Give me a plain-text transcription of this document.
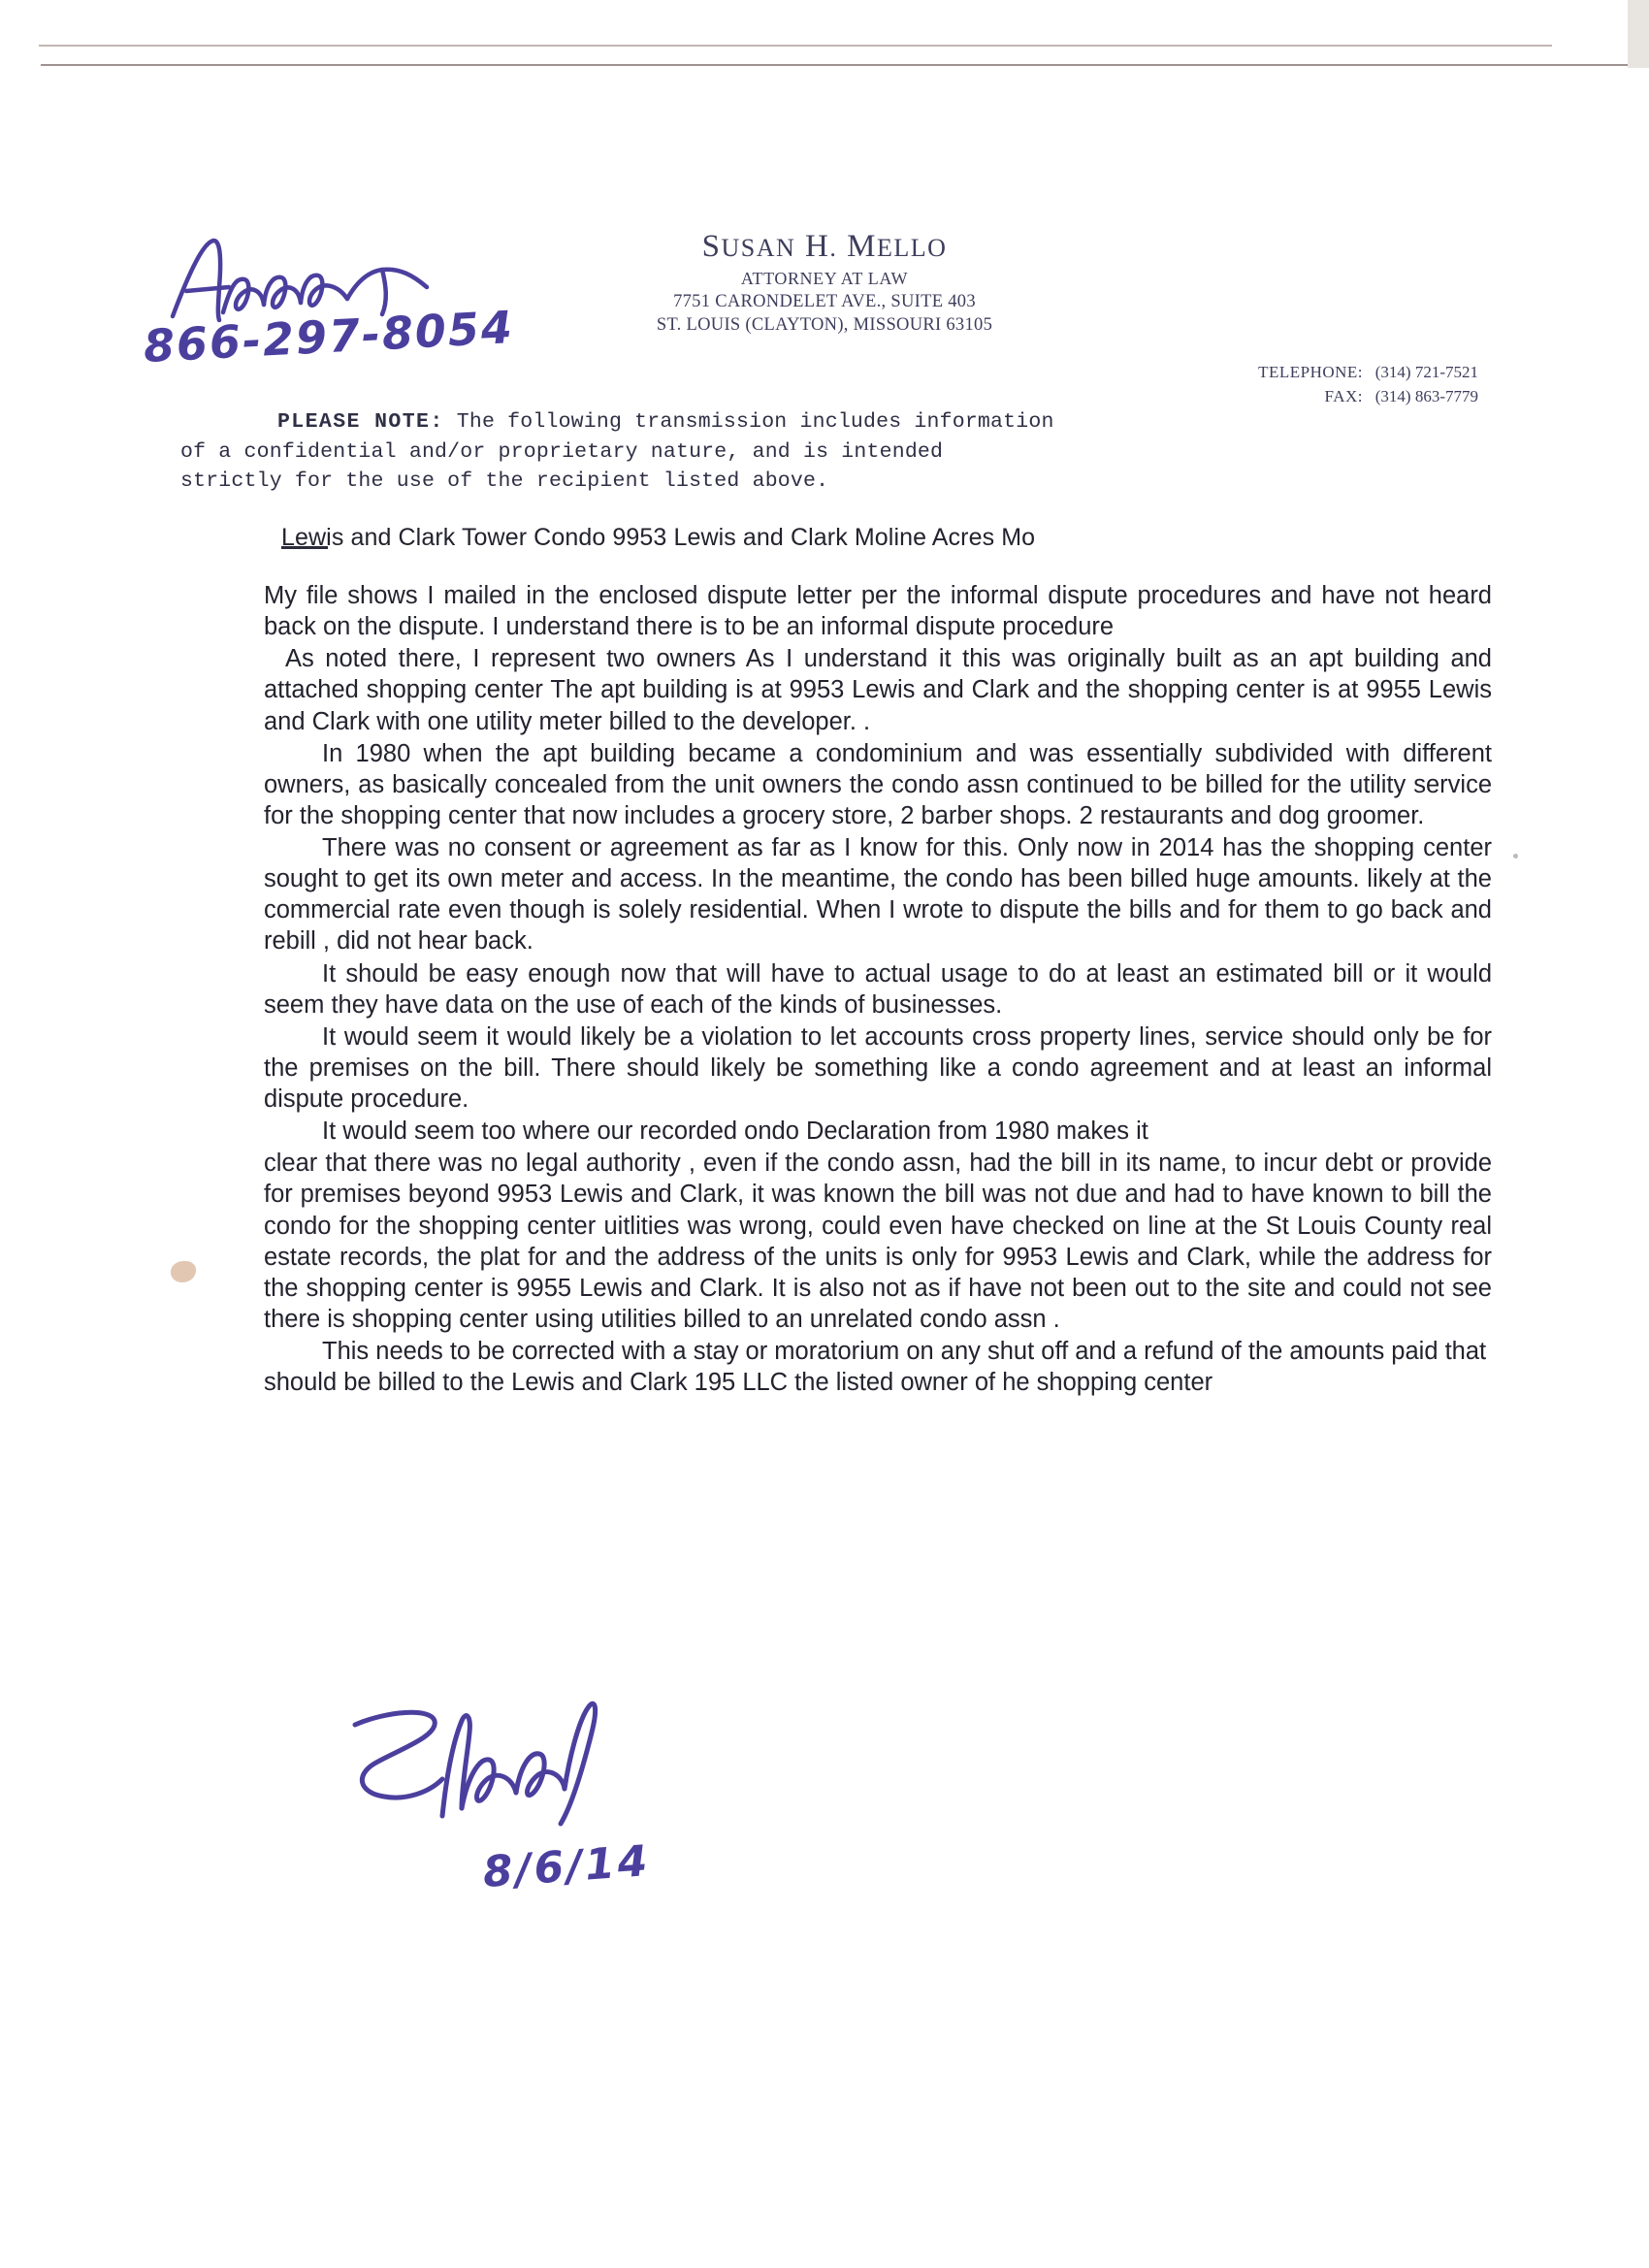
SUSAN H. MELLO
ATTORNEY AT LAW
7751 CARONDELET AVE., SUITE 403
ST. LOUIS (CLAYTON), MISSOURI 63105
TELEPHONE: (314) 721-7521
FAX: (314) 863-7779
PLEASE NOTE: The following transmission includes information
of a confidential and/or proprietary nature, and is intended
strictly for the use of the recipient listed above.
Lewis and Clark Tower Condo 9953 Lewis and Clark Moline Acres Mo

My file shows I mailed in the enclosed dispute letter per the informal dispute procedures and have not heard back on the dispute. I understand there is to be an informal dispute procedure

As noted there, I represent two owners As I understand it this was originally built as an apt building and attached shopping center The apt building is at 9953 Lewis and Clark and the shopping center is at 9955 Lewis and Clark with one utility meter billed to the developer. .

In 1980 when the apt building became a condominium and was essentially subdivided with different owners, as basically concealed from the unit owners the condo assn continued to be billed for the utility service for the shopping center that now includes a grocery store, 2 barber shops. 2 restaurants and dog groomer.

There was no consent or agreement as far as I know for this. Only now in 2014 has the shopping center sought to get its own meter and access. In the meantime, the condo has been billed huge amounts. likely at the commercial rate even though is solely residential. When I wrote to dispute the bills and for them to go back and rebill , did not hear back.

It should be easy enough now that will have to actual usage to do at least an estimated bill or it would seem they have data on the use of each of the kinds of businesses.

It would seem it would likely be a violation to let accounts cross property lines, service should only be for the premises on the bill. There should likely be something like a condo agreement and at least an informal dispute procedure.

It would seem too where our recorded ondo Declaration from 1980 makes it

clear that there was no legal authority , even if the condo assn, had the bill in its name, to incur debt or provide for premises beyond 9953 Lewis and Clark, it was known the bill was not due and had to have known to bill the condo for the shopping center uitlities was wrong, could even have checked on line at the St Louis County real estate records, the plat for and the address of the units is only for 9953 Lewis and Clark, while the address for the shopping center is 9955 Lewis and Clark. It is also not as if have not been out to the site and could not see there is shopping center using utilities billed to an unrelated condo assn .

This needs to be corrected with a stay or moratorium on any shut off and a refund of the amounts paid that should be billed to the Lewis and Clark 195 LLC the listed owner of he shopping center

866-297-8054
8/6/14
